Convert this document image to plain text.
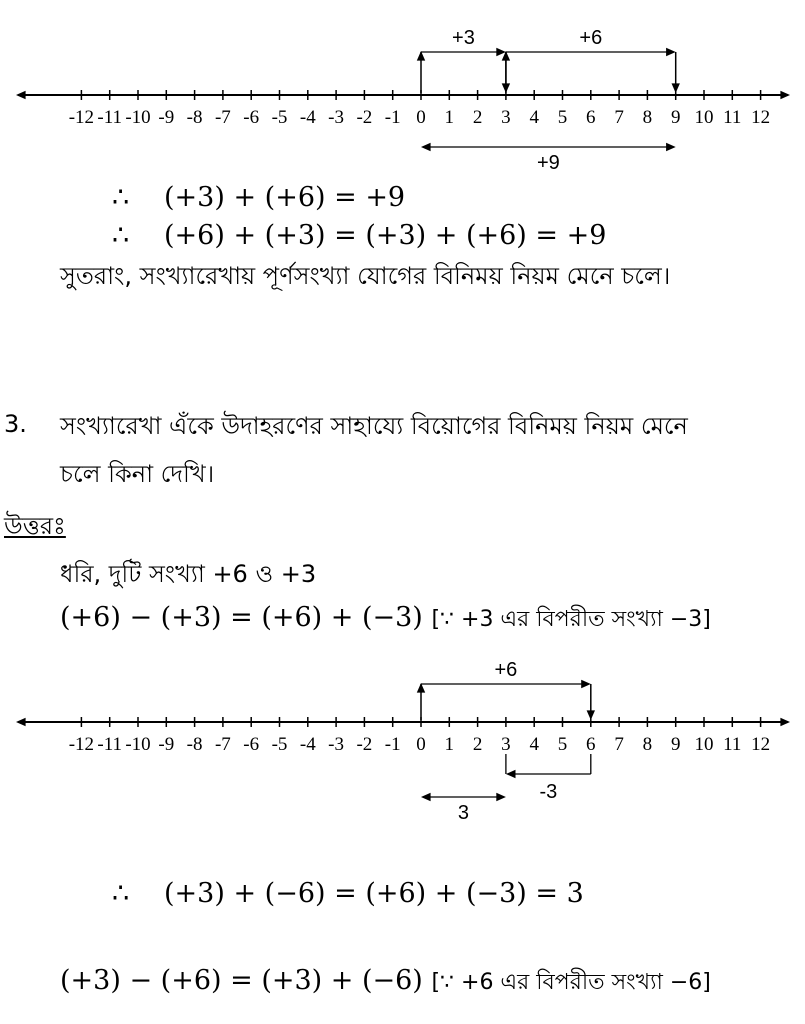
-12 -11 -10 -9 -8 -7 -6 -5 -4 -3 -2 -1 0 1 2 3 4 5 6 7 8 9 10 11 12
+3	+6
+9
∴ (+3) + (+6) = +9
∴ (+6) + (+3) = (+3) + (+6) = +9
সুতরাং, সংখ্যারেখায় পূর্ণসংখ্যা যোগের বিনিময় নিয়ম মেনে চলে।
3. সংখ্যারেখা এঁকে উদাহরণের সাহায্যে বিয়োগের বিনিময় নিয়ম মেনে
চলে কিনা দেখি।
উত্তরঃ
ধরি, দুটি সংখ্যা +6 ও +3
(+6) − (+3) = (+6) + (−3) [∵ +3 এর বিপরীত সংখ্যা −3]
-12 -11 -10 -9 -8 -7 -6 -5 -4 -3 -2 -1 0 1 2 3 4 5 6 7 8 9 10 11 12
+6
-3
3
∴ (+3) + (−6) = (+6) + (−3) = 3
(+3) − (+6) = (+3) + (−6) [∵ +6 এর বিপরীত সংখ্যা −6]
